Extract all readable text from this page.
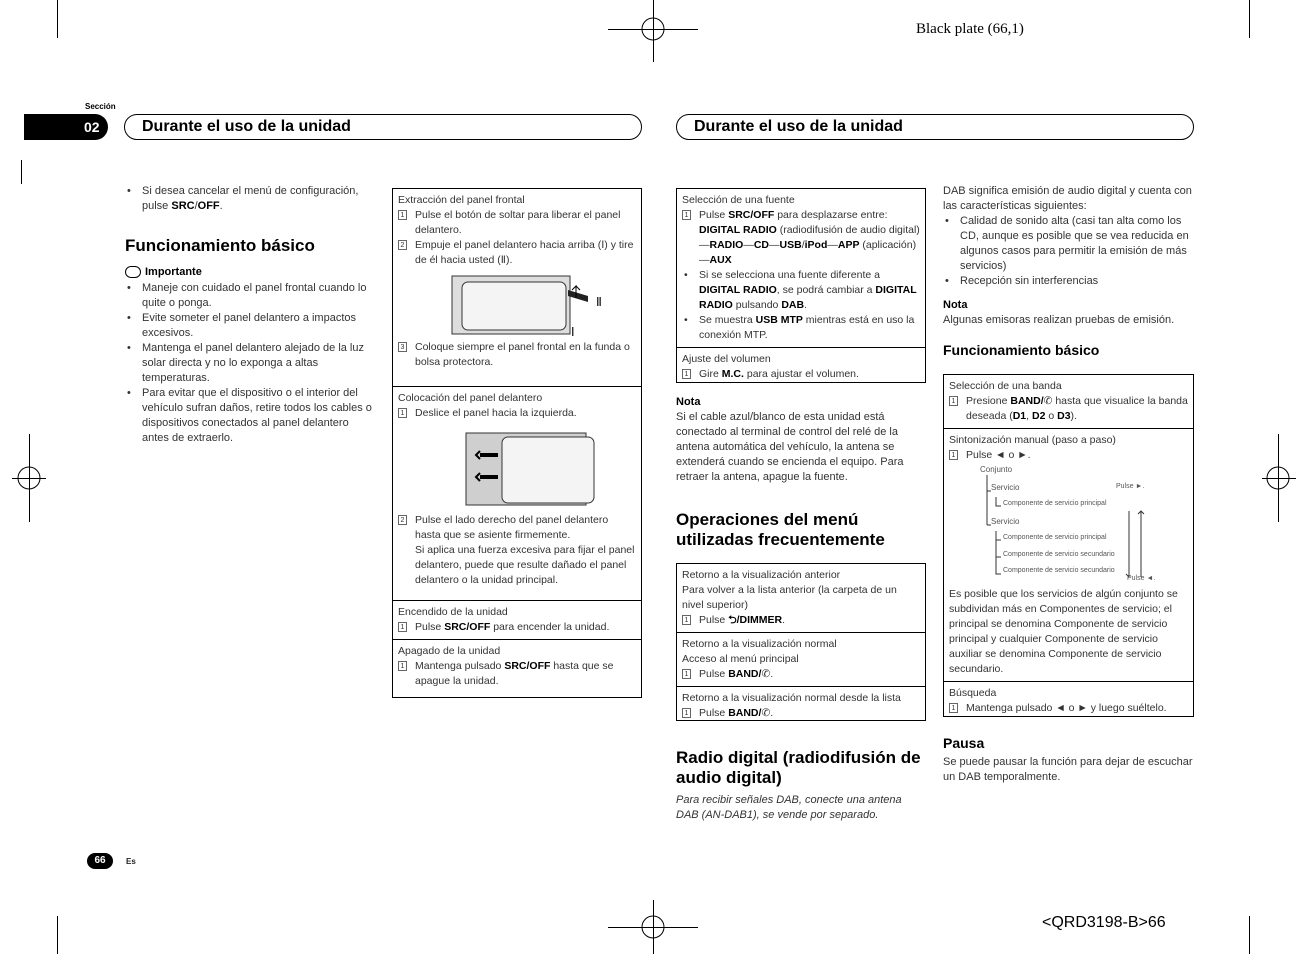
Black plate (66,1)
<QRD3198-B>66
Sección
02	Durante el uso de la unidad	Durante el uso de la unidad
• Si desea cancelar el menú de configuración, pulse SRC/OFF.
Funcionamiento básico
Importante
• Maneje con cuidado el panel frontal cuando lo quite o ponga.
• Evite someter el panel delantero a impactos excesivos.
• Mantenga el panel delantero alejado de la luz solar directa y no lo exponga a altas temperaturas.
• Para evitar que el dispositivo o el interior del vehículo sufran daños, retire todos los cables o dispositivos conectados al panel delantero antes de extraerlo.
Extracción del panel frontal
1 Pulse el botón de soltar para liberar el panel delantero.
2 Empuje el panel delantero hacia arriba (Ⅰ) y tire de él hacia usted (Ⅱ).
Ⅱ
Ⅰ
3 Coloque siempre el panel frontal en la funda o bolsa protectora.
Colocación del panel delantero
1 Deslice el panel hacia la izquierda.
2 Pulse el lado derecho del panel delantero hasta que se asiente firmemente.
Si aplica una fuerza excesiva para fijar el panel delantero, puede que resulte dañado el panel delantero o la unidad principal.
Encendido de la unidad
1 Pulse SRC/OFF para encender la unidad.
Apagado de la unidad
1 Mantenga pulsado SRC/OFF hasta que se apague la unidad.
Selección de una fuente
1 Pulse SRC/OFF para desplazarse entre: DIGITAL RADIO (radiodifusión de audio digital)—RADIO—CD—USB/iPod—APP (aplicación)—AUX
• Si se selecciona una fuente diferente a DIGITAL RADIO, se podrá cambiar a DIGITAL RADIO pulsando DAB.
• Se muestra USB MTP mientras está en uso la conexión MTP.
Ajuste del volumen
1 Gire M.C. para ajustar el volumen.
Nota
Si el cable azul/blanco de esta unidad está conectado al terminal de control del relé de la antena automática del vehículo, la antena se extenderá cuando se encienda el equipo. Para retraer la antena, apague la fuente.
Operaciones del menú utilizadas frecuentemente
Retorno a la visualización anterior
Para volver a la lista anterior (la carpeta de un nivel superior)
1 Pulse ⮌/DIMMER.
Retorno a la visualización normal
Acceso al menú principal
1 Pulse BAND/✆.
Retorno a la visualización normal desde la lista
1 Pulse BAND/✆.
Radio digital (radiodifusión de audio digital)
Para recibir señales DAB, conecte una antena DAB (AN-DAB1), se vende por separado.
DAB significa emisión de audio digital y cuenta con las características siguientes:
• Calidad de sonido alta (casi tan alta como los CD, aunque es posible que se vea reducida en algunos casos para permitir la emisión de más servicios)
• Recepción sin interferencias
Nota
Algunas emisoras realizan pruebas de emisión.
Funcionamiento básico
Selección de una banda
1 Presione BAND/✆ hasta que visualice la banda deseada (D1, D2 o D3).
Sintonización manual (paso a paso)
1 Pulse ◄ o ►.
Conjunto
Servicio
Componente de servicio principal
Servicio
Componente de servicio principal
Componente de servicio secundario
Componente de servicio secundario
Pulse ►.
Pulse ◄.
Es posible que los servicios de algún conjunto se subdividan más en Componentes de servicio; el principal se denomina Componente de servicio principal y cualquier Componente de servicio auxiliar se denomina Componente de servicio secundario.
Búsqueda
1 Mantenga pulsado ◄ o ► y luego suéltelo.
Pausa
Se puede pausar la función para dejar de escuchar un DAB temporalmente.
66	Es
